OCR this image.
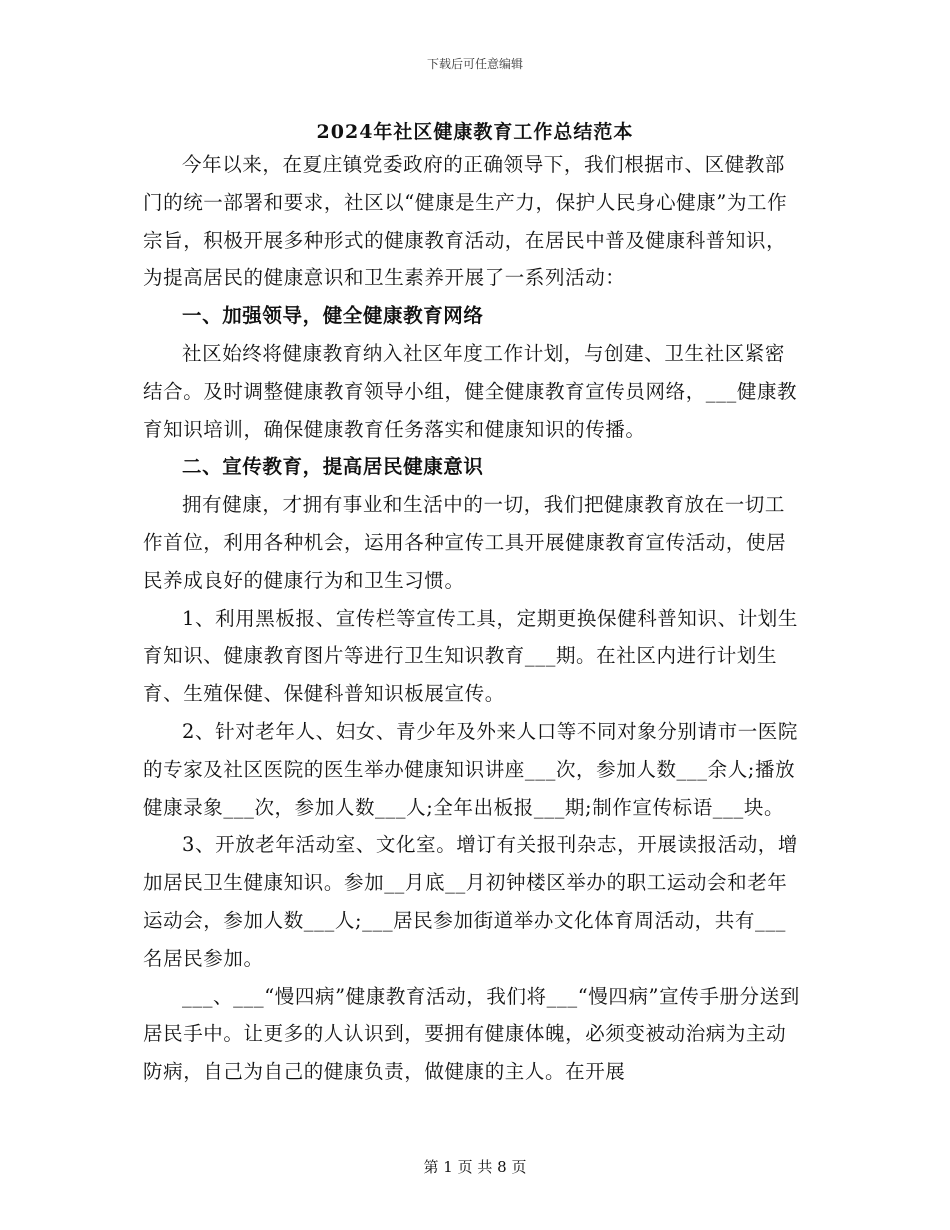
下载后可任意编辑
2024年社区健康教育工作总结范本

今年以来，在夏庄镇党委政府的正确领导下，我们根据市、区健教部门的统一部署和要求，社区以“健康是生产力，保护人民身心健康”为工作宗旨，积极开展多种形式的健康教育活动，在居民中普及健康科普知识，为提高居民的健康意识和卫生素养开展了一系列活动：

一、加强领导，健全健康教育网络

社区始终将健康教育纳入社区年度工作计划，与创建、卫生社区紧密结合。及时调整健康教育领导小组，健全健康教育宣传员网络，___健康教育知识培训，确保健康教育任务落实和健康知识的传播。

二、宣传教育，提高居民健康意识

拥有健康，才拥有事业和生活中的一切，我们把健康教育放在一切工作首位，利用各种机会，运用各种宣传工具开展健康教育宣传活动，使居民养成良好的健康行为和卫生习惯。

1、利用黑板报、宣传栏等宣传工具，定期更换保健科普知识、计划生育知识、健康教育图片等进行卫生知识教育___期。在社区内进行计划生育、生殖保健、保健科普知识板展宣传。

2、针对老年人、妇女、青少年及外来人口等不同对象分别请市一医院的专家及社区医院的医生举办健康知识讲座___次，参加人数___余人;播放健康录象___次，参加人数___人;全年出板报___期;制作宣传标语___块。

3、开放老年活动室、文化室。增订有关报刊杂志，开展读报活动，增加居民卫生健康知识。参加__月底__月初钟楼区举办的职工运动会和老年运动会，参加人数___人;___居民参加街道举办文化体育周活动，共有___名居民参加。

___、___“慢四病”健康教育活动，我们将___“慢四病”宣传手册分送到居民手中。让更多的人认识到，要拥有健康体魄，必须变被动治病为主动防病，自己为自己的健康负责，做健康的主人。在开展

第 1 页 共 8 页
